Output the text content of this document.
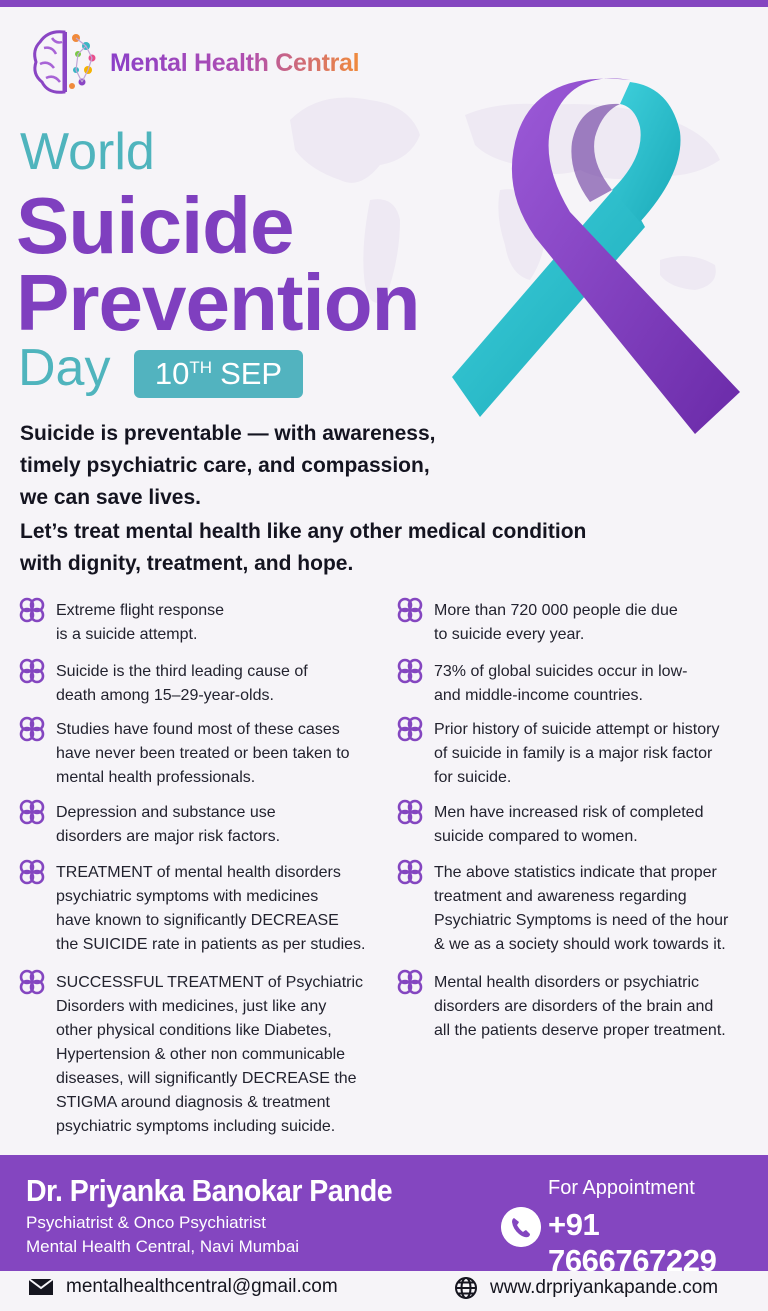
Mental Health Central
World
Suicide
Prevention
Day 10 TH SEP
Suicide is preventable — with awareness,
timely psychiatric care, and compassion,
we can save lives.
Let’s treat mental health like any other medical condition
with dignity, treatment, and hope.
Extreme flight response
is a suicide attempt.
Suicide is the third leading cause of
death among 15–29-year-olds.
Studies have found most of these cases
have never been treated or been taken to
mental health professionals.
Depression and substance use
disorders are major risk factors.
TREATMENT of mental health disorders
psychiatric symptoms with medicines
have known to significantly DECREASE
the SUICIDE rate in patients as per studies.
SUCCESSFUL TREATMENT of Psychiatric
Disorders with medicines, just like any
other physical conditions like Diabetes,
Hypertension & other non communicable
diseases, will significantly DECREASE the
STIGMA around diagnosis & treatment
psychiatric symptoms including suicide.
More than 720 000 people die due
to suicide every year.
73% of global suicides occur in low-
and middle-income countries.
Prior history of suicide attempt or history
of suicide in family is a major risk factor
for suicide.
Men have increased risk of completed
suicide compared to women.
The above statistics indicate that proper
treatment and awareness regarding
Psychiatric Symptoms is need of the hour
& we as a society should work towards it.
Mental health disorders or psychiatric
disorders are disorders of the brain and
all the patients deserve proper treatment.
Dr. Priyanka Banokar Pande
Psychiatrist & Onco Psychiatrist
Mental Health Central, Navi Mumbai
For Appointment
+91 7666767229
mentalhealthcentral@gmail.com	www.drpriyankapande.com
